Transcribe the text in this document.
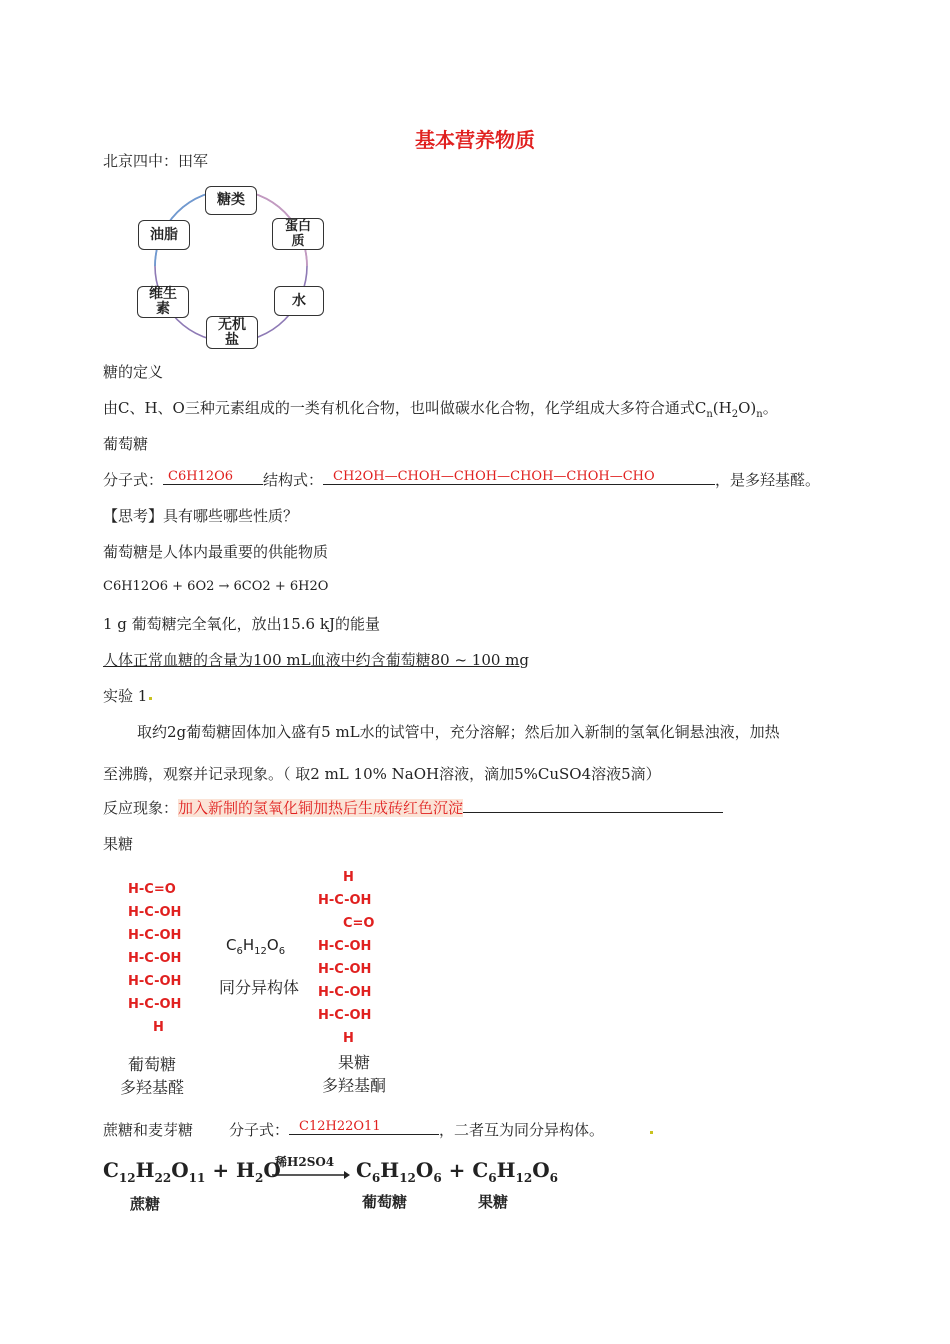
基本营养物质
北京四中：田军
糖类
蛋白质
水
无机盐
维生素
油脂
糖的定义
由C、H、O三种元素组成的一类有机化合物，也叫做碳水化合物，化学组成大多符合通式$C_n(H_2O)_n$。
葡萄糖
分子式： C6H12O6 结构式： CH2OH—CHOH—CHOH—CHOH—CHOH—CHO	，是多羟基醛。
【思考】具有哪些哪些性质？
葡萄糖是人体内最重要的供能物质
C6H12O6 + 6O2 → 6CO2 + 6H2O
1 g 葡萄糖完全氧化，放出15.6 kJ的能量
人体正常血糖的含量为100 mL血液中约含葡萄糖80 ~ 100 mg
实验 1
取约2g葡萄糖固体加入盛有5 mL水的试管中，充分溶解；然后加入新制的氢氧化铜悬浊液，加热
至沸腾，观察并记录现象。（ 取2 mL 10% NaOH溶液，滴加5%CuSO4溶液5滴）
反应现象：加入新制的氢氧化铜加热后生成砖红色沉淀
果糖
H-C=O
H-C-OH
H-C-OH
H-C-OH
H-C-OH
H-C-OH
H
$C_6H_{12}O_6$
同分异构体
H
H-C-OH
C=O
H-C-OH
H-C-OH
H-C-OH
H-C-OH
H
葡萄糖
多羟基醛
果糖
多羟基酮
蔗糖和麦芽糖 分子式： C12H22O11	，二者互为同分异构体。
$C_{12}H_{22}O_{11} + H_2O$
稀H2SO4 $C_6H_{12}O_6 + C_6H_{12}O_6$
蔗糖	葡萄糖	果糖
